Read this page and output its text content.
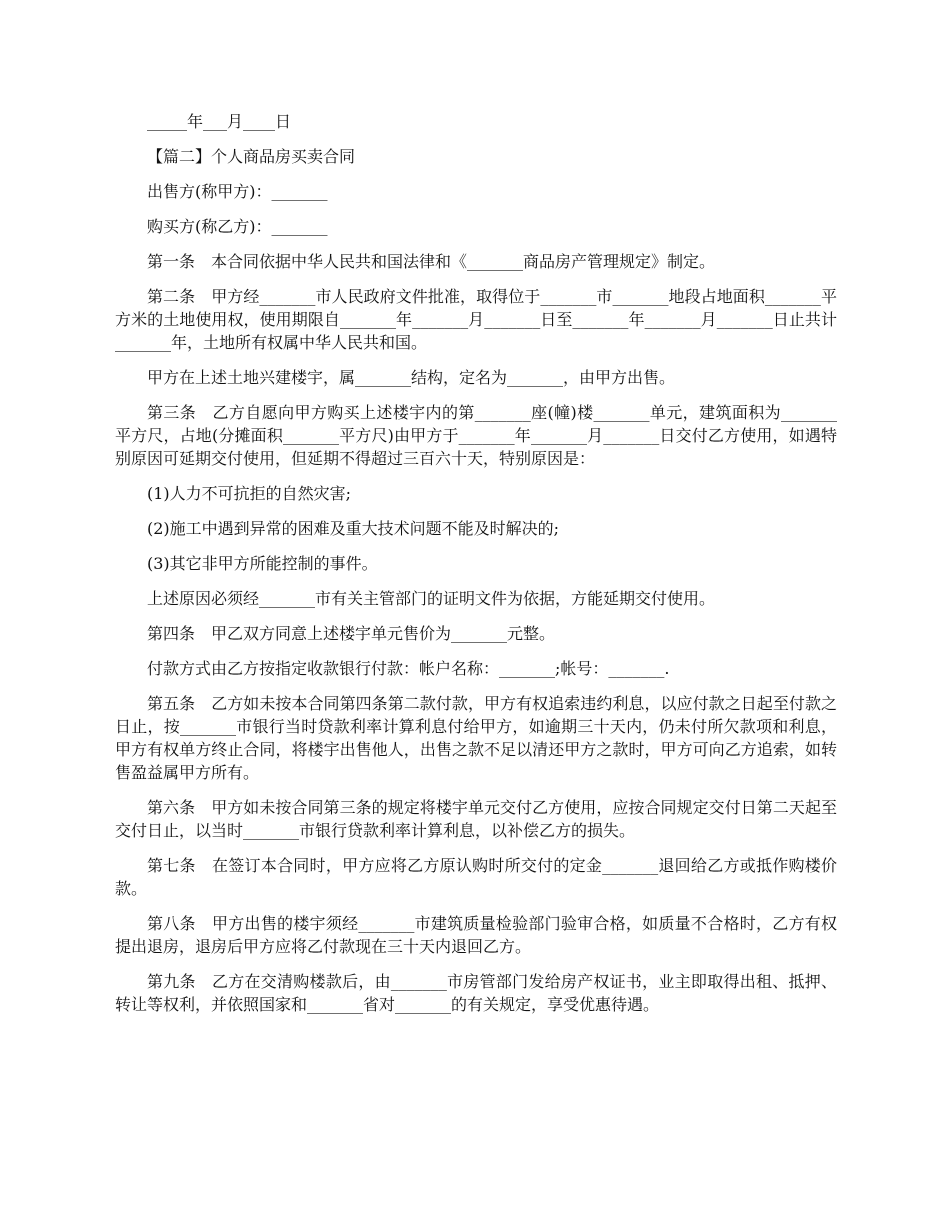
_____年___月____日

【篇二】个人商品房买卖合同

出售方(称甲方)：_______

购买方(称乙方)：_______

第一条　本合同依据中华人民共和国法律和《_______商品房产管理规定》制定。

第二条　甲方经_______市人民政府文件批准，取得位于_______市_______地段占地面积_______平方米的土地使用权，使用期限自_______年_______月_______日至_______年_______月_______日止共计_______年，土地所有权属中华人民共和国。

甲方在上述土地兴建楼宇，属_______结构，定名为_______，由甲方出售。

第三条　乙方自愿向甲方购买上述楼宇内的第_______座(幢)楼_______单元，建筑面积为_______平方尺，占地(分摊面积_______平方尺)由甲方于_______年_______月_______日交付乙方使用，如遇特别原因可延期交付使用，但延期不得超过三百六十天，特别原因是：

(1)人力不可抗拒的自然灾害;

(2)施工中遇到异常的困难及重大技术问题不能及时解决的;

(3)其它非甲方所能控制的事件。

上述原因必须经_______市有关主管部门的证明文件为依据，方能延期交付使用。

第四条　甲乙双方同意上述楼宇单元售价为_______元整。

付款方式由乙方按指定收款银行付款：帐户名称：_______;帐号：_______.

第五条　乙方如未按本合同第四条第二款付款，甲方有权追索违约利息，以应付款之日起至付款之日止，按_______市银行当时贷款利率计算利息付给甲方，如逾期三十天内，仍未付所欠款项和利息，甲方有权单方终止合同，将楼宇出售他人，出售之款不足以清还甲方之款时，甲方可向乙方追索，如转售盈益属甲方所有。

第六条　甲方如未按合同第三条的规定将楼宇单元交付乙方使用，应按合同规定交付日第二天起至交付日止，以当时_______市银行贷款利率计算利息，以补偿乙方的损失。

第七条　在签订本合同时，甲方应将乙方原认购时所交付的定金_______退回给乙方或抵作购楼价款。

第八条　甲方出售的楼宇须经_______市建筑质量检验部门验审合格，如质量不合格时，乙方有权提出退房，退房后甲方应将乙付款现在三十天内退回乙方。

第九条　乙方在交清购楼款后，由_______市房管部门发给房产权证书，业主即取得出租、抵押、转让等权利，并依照国家和_______省对_______的有关规定，享受优惠待遇。
